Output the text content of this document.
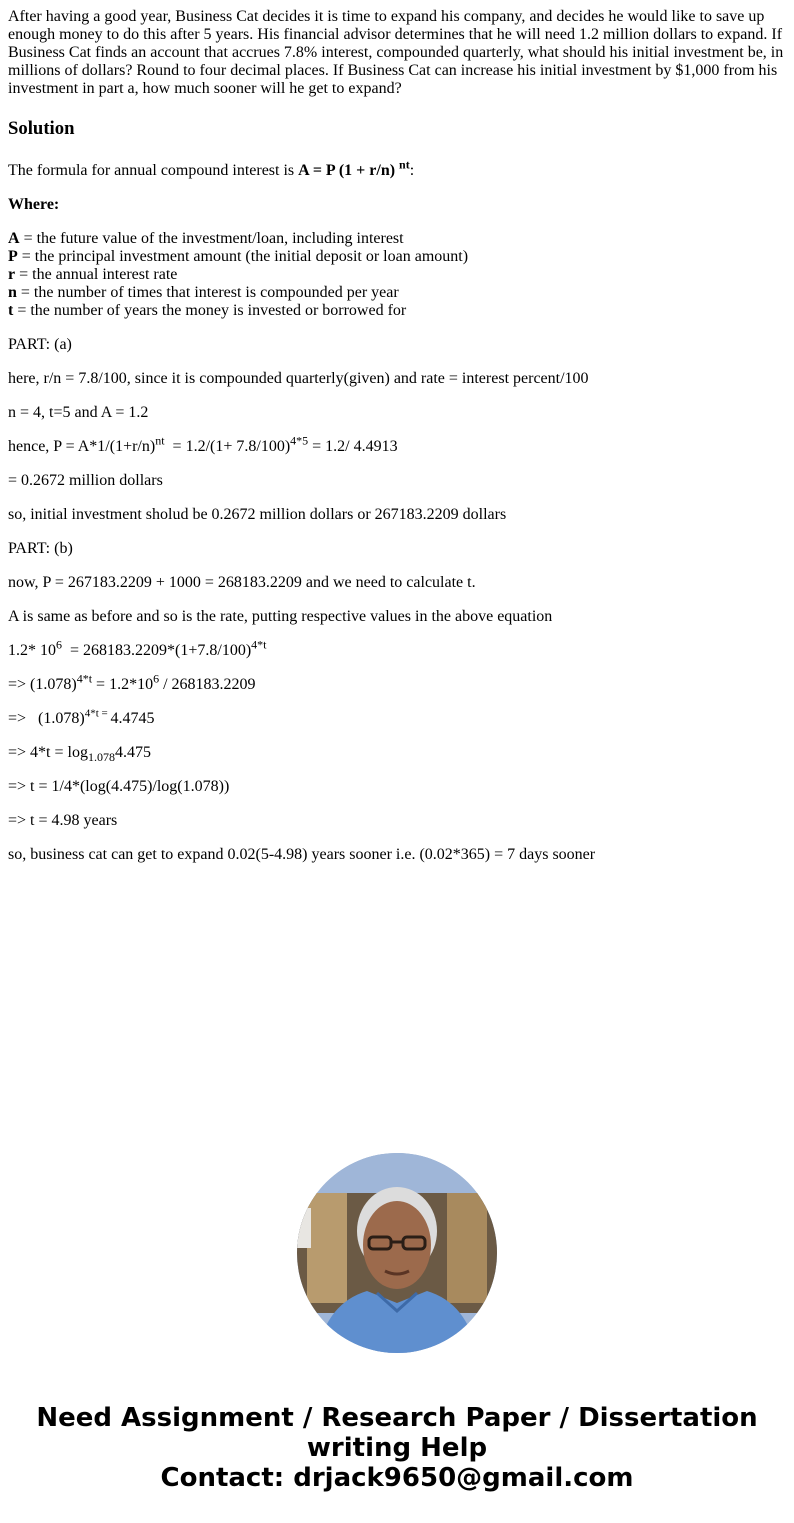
After having a good year, Business Cat decides it is time to expand his company, and decides he would like to save up enough money to do this after 5 years. His financial advisor determines that he will need 1.2 million dollars to expand. If Business Cat finds an account that accrues 7.8% interest, compounded quarterly, what should his initial investment be, in millions of dollars? Round to four decimal places. If Business Cat can increase his initial investment by $1,000 from his investment in part a, how much sooner will he get to expand?
Solution
The formula for annual compound interest is A = P (1 + r/n) $^{nt}$:
Where:
A = the future value of the investment/loan, including interest
P = the principal investment amount (the initial deposit or loan amount)
r = the annual interest rate
n = the number of times that interest is compounded per year
t = the number of years the money is invested or borrowed for
PART: (a)
here, r/n = 7.8/100, since it is compounded quarterly(given) and rate = interest percent/100
n = 4, t=5 and A = 1.2
hence, $P = A*1/(1+r/n)^{nt} = 1.2/(1+ 7.8/100)^{4*5} = 1.2/$ 4.4913
= 0.2672 million dollars
so, initial investment sholud be 0.2672 million dollars or 267183.2209 dollars
PART: (b)
now, P = 267183.2209 + 1000 = 268183.2209 and we need to calculate t.
A is same as before and so is the rate, putting respective values in the above equation
1.2* $10^6 = 268183.2209*(1+7.8/100)^{4*t}$
=> $(1.078)^{4*t} = 1.2*10^6 / 268183.2209$
=>   $(1.078)^{4*t =}$ 4.4745
=> $4*t = \log_{1.078}4.475$
=> t = 1/4*(log(4.475)/log(1.078))
=> t = 4.98 years
so, business cat can get to expand 0.02(5-4.98) years sooner i.e. (0.02*365) = 7 days sooner
Need Assignment / Research Paper / Dissertation
writing Help
Contact: drjack9650@gmail.com
